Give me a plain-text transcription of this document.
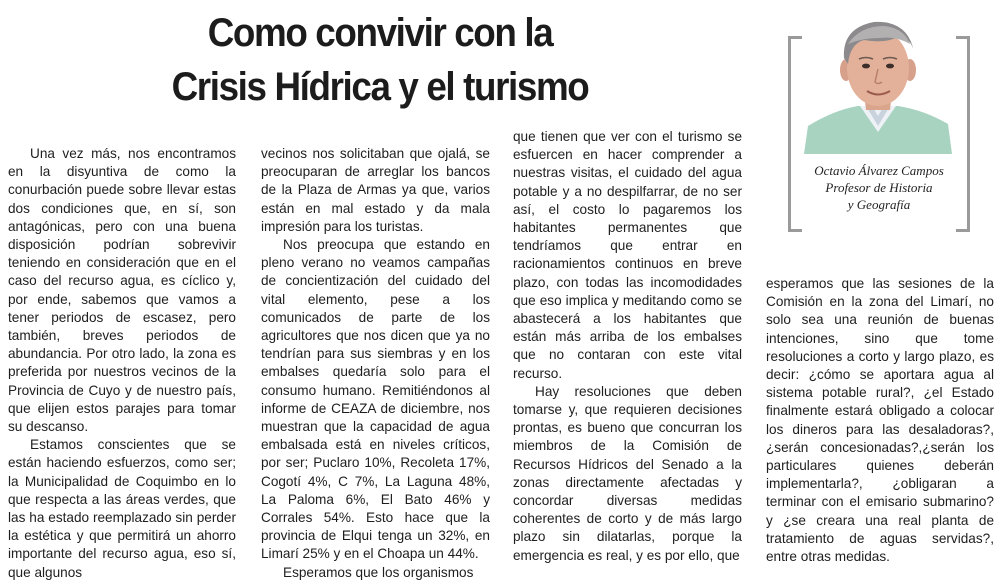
Como convivir con la
Crisis Hídrica y el turismo
Octavio Álvarez Campos
Profesor de Historia
y Geografía

Una vez más, nos encontramos en la disyuntiva de como la conurbación puede sobre llevar estas dos condiciones que, en sí, son antagónicas, pero con una buena disposición podrían sobrevivir teniendo en consideración que en el caso del recurso agua, es cíclico y, por ende, sabemos que vamos a tener periodos de escasez, pero también, breves periodos de abundancia. Por otro lado, la zona es preferida por nuestros vecinos de la Provincia de Cuyo y de nuestro país, que elijen estos parajes para tomar su descanso.

Estamos conscientes que se están haciendo esfuerzos, como ser; la Municipalidad de Coquimbo en lo que respecta a las áreas verdes, que las ha estado reemplazado sin perder la estética y que permitirá un ahorro importante del recurso agua, eso sí, que algunos

vecinos nos solicitaban que ojalá, se preocuparan de arreglar los bancos de la Plaza de Armas ya que, varios están en mal estado y da mala impresión para los turistas.

Nos preocupa que estando en pleno verano no veamos campañas de concientización del cuidado del vital elemento, pese a los comunicados de parte de los agricultores que nos dicen que ya no tendrían para sus siembras y en los embalses quedaría solo para el consumo humano. Remitiéndonos al informe de CEAZA de diciembre, nos muestran que la capacidad de agua embalsada está en niveles críticos, por ser; Puclaro 10%, Recoleta 17%, Cogotí 4%, C 7%, La Laguna 48%, La Paloma 6%, El Bato 46% y Corrales 54%. Esto hace que la provincia de Elqui tenga un 32%, en Limarí 25% y en el Choapa un 44%.

Esperamos que los organismos

que tienen que ver con el turismo se esfuercen en hacer comprender a nuestras visitas, el cuidado del agua potable y a no despilfarrar, de no ser así, el costo lo pagaremos los habitantes permanentes que tendríamos que entrar en racionamientos continuos en breve plazo, con todas las incomodidades que eso implica y meditando como se abastecerá a los habitantes que están más arriba de los embalses que no contaran con este vital recurso.

Hay resoluciones que deben tomarse y, que requieren decisiones prontas, es bueno que concurran los miembros de la Comisión de Recursos Hídricos del Senado a la zonas directamente afectadas y concordar diversas medidas coherentes de corto y de más largo plazo sin dilatarlas, porque la emergencia es real, y es por ello, que

esperamos que las sesiones de la Comisión en la zona del Limarí, no solo sea una reunión de buenas intenciones, sino que tome resoluciones a corto y largo plazo, es decir: ¿cómo se aportara agua al sistema potable rural?, ¿el Estado finalmente estará obligado a colocar los dineros para las desaladoras?, ¿serán concesionadas?,¿serán los particulares quienes deberán implementarla?, ¿obligaran a terminar con el emisario submarino? y ¿se creara una real planta de tratamiento de aguas servidas?, entre otras medidas.
